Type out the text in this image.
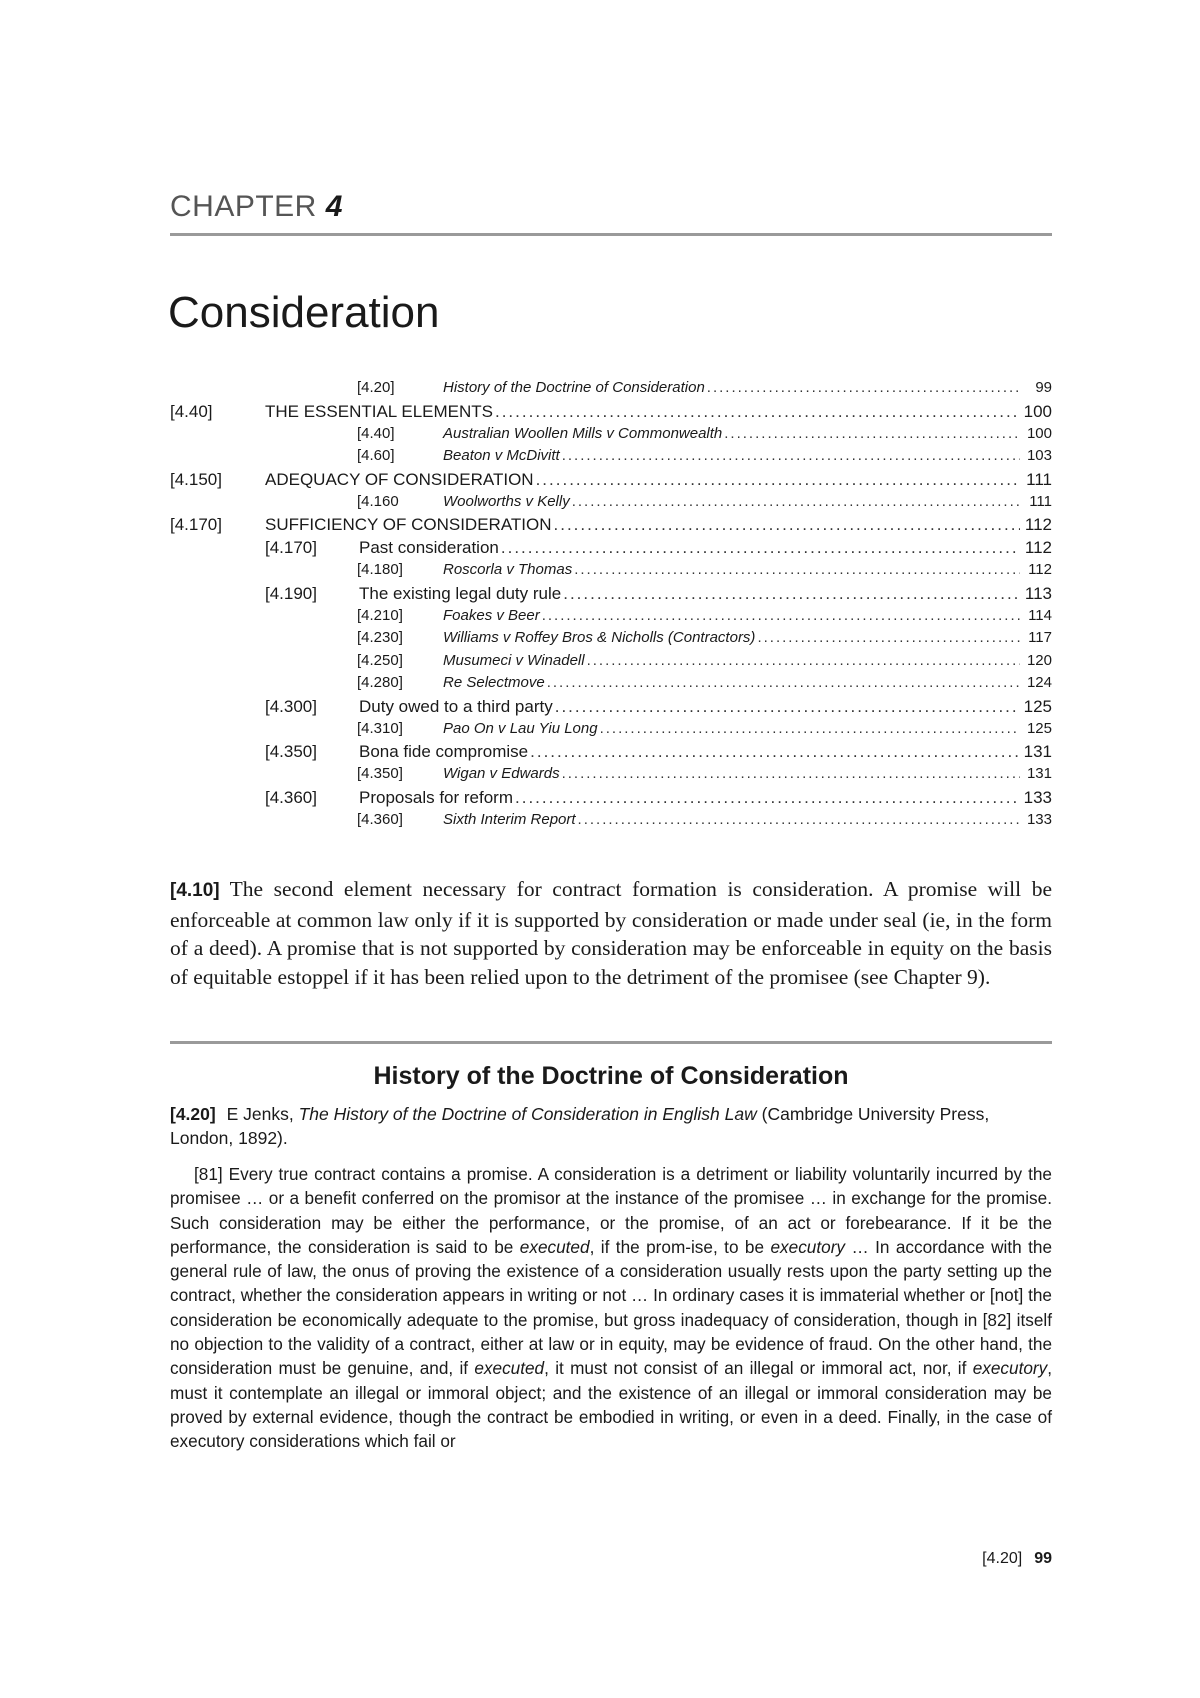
CHAPTER 4
Consideration
[4.20]	History of the Doctrine of Consideration .....	99
[4.40]	THE ESSENTIAL ELEMENTS .....	100
[4.40]	Australian Woollen Mills v Commonwealth .....	100
[4.60]	Beaton v McDivitt .....	103
[4.150]	ADEQUACY OF CONSIDERATION .....	111
[4.160	Woolworths v Kelly .....	111
[4.170]	SUFFICIENCY OF CONSIDERATION .....	112
[4.170] Past consideration .....	112
[4.180]	Roscorla v Thomas .....	112
[4.190] The existing legal duty rule .....	113
[4.210]	Foakes v Beer .....	114
[4.230]	Williams v Roffey Bros & Nicholls (Contractors) .....	117
[4.250]	Musumeci v Winadell .....	120
[4.280]	Re Selectmove .....	124
[4.300] Duty owed to a third party .....	125
[4.310]	Pao On v Lau Yiu Long .....	125
[4.350] Bona fide compromise .....	131
[4.350]	Wigan v Edwards .....	131
[4.360] Proposals for reform .....	133
[4.360]	Sixth Interim Report .....	133

[4.10] The second element necessary for contract formation is consideration. A promise will be enforceable at common law only if it is supported by consideration or made under seal (ie, in the form of a deed). A promise that is not supported by consideration may be enforceable in equity on the basis of equitable estoppel if it has been relied upon to the detriment of the promisee (see Chapter 9).

History of the Doctrine of Consideration

[4.20] E Jenks, The History of the Doctrine of Consideration in English Law (Cambridge University Press, London, 1892).

[81] Every true contract contains a promise. A consideration is a detriment or liability voluntarily incurred by the promisee … or a benefit conferred on the promisor at the instance of the promisee … in exchange for the promise. Such consideration may be either the performance, or the promise, of an act or forebearance. If it be the performance, the consideration is said to be executed, if the prom-ise, to be executory … In accordance with the general rule of law, the onus of proving the existence of a consideration usually rests upon the party setting up the contract, whether the consideration appears in writing or not … In ordinary cases it is immaterial whether or [not] the consideration be economically adequate to the promise, but gross inadequacy of consideration, though in [82] itself no objection to the validity of a contract, either at law or in equity, may be evidence of fraud. On the other hand, the consideration must be genuine, and, if executed, it must not consist of an illegal or immoral act, nor, if executory, must it contemplate an illegal or immoral object; and the existence of an illegal or immoral consideration may be proved by external evidence, though the contract be embodied in writing, or even in a deed. Finally, in the case of executory considerations which fail or

[4.20] 99
